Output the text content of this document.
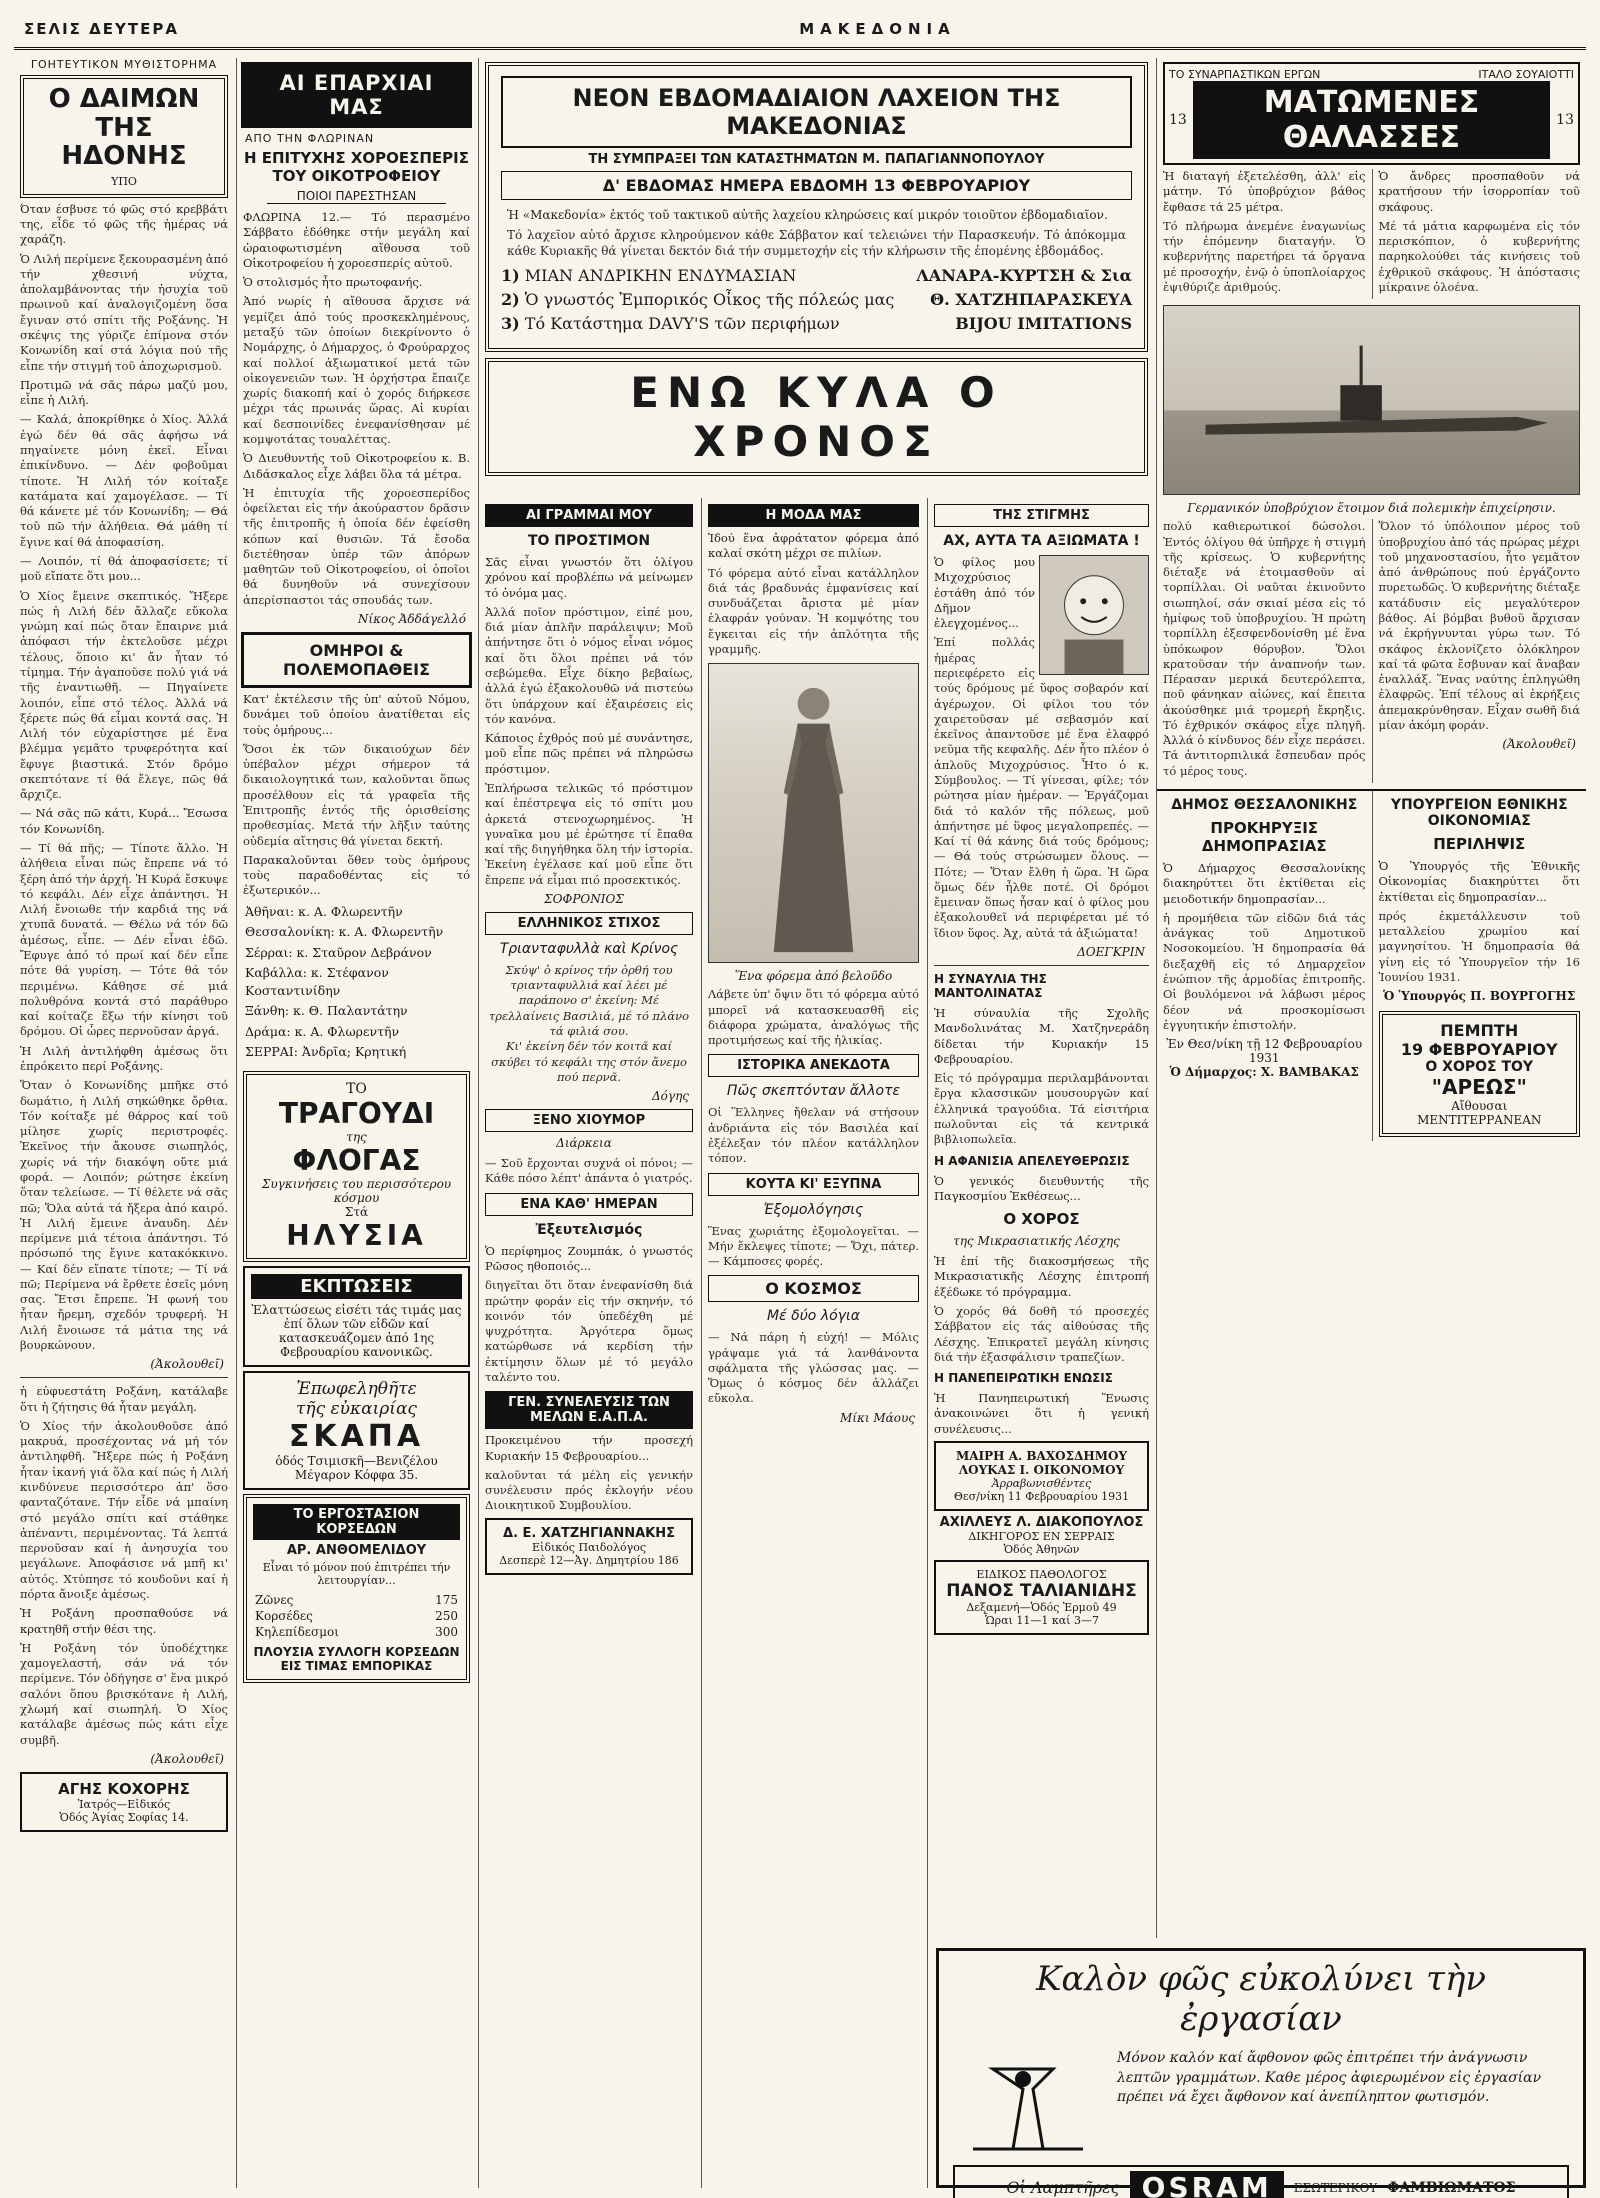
ΣΕΛΙΣ ΔΕΥΤΕΡΑ	ΜΑΚΕΔΟΝΙΑ
ΓΟΗΤΕΥΤΙΚΟΝ ΜΥΘΙΣΤΟΡΗΜΑ
Ο ΔΑΙΜΩΝ ΤΗΣ ΗΔΟΝΗΣ
ΥΠΟ

Όταν έσβυσε τό φῶς στό κρεββάτι της, εἶδε τό φῶς τῆς ἡμέρας νά χαράζη.

Ὁ Λιλή περίμενε ξεκουρασμένη ἀπό τήν χθεσινή νύχτα, ἀπολαμβάνοντας τήν ἡσυχία τοῦ πρωινοῦ καί ἀναλογιζομένη ὅσα ἔγιναν στό σπίτι τῆς Ροξάνης. Ἡ σκέψις της γύριζε ἐπίμονα στόν Κονωνίδη καί στά λόγια πού τῆς εἶπε τήν στιγμή τοῦ ἀποχωρισμοῦ.

Προτιμῶ νά σᾶς πάρω μαζύ μου, εἶπε ἡ Λιλή.

— Καλά, ἀποκρίθηκε ὁ Χίος. Ἀλλά ἐγώ δέν θά σᾶς ἀφήσω νά πηγαίνετε μόνη ἐκεῖ. Εἶναι ἐπικίνδυνο. — Δέν φοβοῦμαι τίποτε. Ἡ Λιλή τόν κοίταξε κατάματα καί χαμογέλασε. — Τί θά κάνετε μέ τόν Κονωνίδη; — Θά τοῦ πῶ τήν ἀλήθεια. Θά μάθη τί ἔγινε καί θά ἀποφασίση.

— Λοιπόν, τί θά ἀποφασίσετε; τί μοῦ εἴπατε ὅτι μου...

Ὁ Χίος ἔμεινε σκεπτικός. Ἤξερε πώς ἡ Λιλή δέν ἄλλαζε εὔκολα γνώμη καί πώς ὅταν ἔπαιρνε μιά ἀπόφασι τήν ἐκτελοῦσε μέχρι τέλους, ὅποιο κι' ἄν ἦταν τό τίμημα. Τήν ἀγαποῦσε πολύ γιά νά τῆς ἐναντιωθῆ. — Πηγαίνετε λοιπόν, εἶπε στό τέλος. Ἀλλά νά ξέρετε πώς θά εἶμαι κοντά σας. Ἡ Λιλή τόν εὐχαρίστησε μέ ἕνα βλέμμα γεμᾶτο τρυφερότητα καί ἔφυγε βιαστικά. Στόν δρόμο σκεπτότανε τί θά ἔλεγε, πῶς θά ἄρχιζε.

— Νά σᾶς πῶ κάτι, Κυρά... Ἔσωσα τόν Κονωνίδη.

— Τί θά πῆς; — Τίποτε ἄλλο. Ἡ ἀλήθεια εἶναι πώς ἔπρεπε νά τό ξέρη ἀπό τήν ἀρχή. Ἡ Κυρά ἔσκυψε τό κεφάλι. Δέν εἶχε ἀπάντησι. Ἡ Λιλή ἔνοιωθε τήν καρδιά της νά χτυπᾶ δυνατά. — Θέλω νά τόν δῶ ἀμέσως, εἶπε. — Δέν εἶναι ἐδῶ. Ἔφυγε ἀπό τό πρωί καί δέν εἶπε πότε θά γυρίση. — Τότε θά τόν περιμένω. Κάθησε σέ μιά πολυθρόνα κοντά στό παράθυρο καί κοίταζε ἔξω τήν κίνησι τοῦ δρόμου. Οἱ ὧρες περνοῦσαν ἀργά.

Ἡ Λιλή ἀντιλήφθη ἀμέσως ὅτι ἐπρόκειτο περί Ροξάνης.

Ὅταν ὁ Κονωνίδης μπῆκε στό δωμάτιο, ἡ Λιλή σηκώθηκε ὄρθια. Τόν κοίταξε μέ θάρρος καί τοῦ μίλησε χωρίς περιστροφές. Ἐκεῖνος τήν ἄκουσε σιωπηλός, χωρίς νά τήν διακόψη οὔτε μιά φορά. — Λοιπόν; ρώτησε ἐκείνη ὅταν τελείωσε. — Τί θέλετε νά σᾶς πῶ; Ὅλα αὐτά τά ἤξερα ἀπό καιρό. Ἡ Λιλή ἔμεινε ἀναυδη. Δέν περίμενε μιά τέτοια ἀπάντησι. Τό πρόσωπό της ἔγινε κατακόκκινο. — Καί δέν εἴπατε τίποτε; — Τί νά πῶ; Περίμενα νά ἔρθετε ἐσεῖς μόνη σας. Ἔτσι ἔπρεπε. Ἡ φωνή του ἦταν ἤρεμη, σχεδόν τρυφερή. Ἡ Λιλή ἔνοιωσε τά μάτια της νά βουρκώνουν.

(Ἀκολουθεῖ)

ἡ εὐφυεστάτη Ροξάνη, κατάλαβε ὅτι ἡ ζήτησις θά ἦταν μεγάλη.

Ὁ Χίος τήν ἀκολουθοῦσε ἀπό μακρυά, προσέχοντας νά μή τόν ἀντιληφθῆ. Ἤξερε πώς ἡ Ροξάνη ἦταν ἱκανή γιά ὅλα καί πώς ἡ Λιλή κινδύνευε περισσότερο ἀπ' ὅσο φανταζότανε. Τήν εἶδε νά μπαίνη στό μεγάλο σπίτι καί στάθηκε ἀπέναντι, περιμένοντας. Τά λεπτά περνοῦσαν καί ἡ ἀνησυχία του μεγάλωνε. Ἀποφάσισε νά μπῆ κι' αὐτός. Χτύπησε τό κουδοῦνι καί ἡ πόρτα ἄνοιξε ἀμέσως.

Ἡ Ροξάνη προσπαθούσε νά κρατηθῆ στήν θέσι της.

Ἡ Ροξάνη τόν ὑποδέχτηκε χαμογελαστή, σάν νά τόν περίμενε. Τόν ὁδήγησε σ' ἕνα μικρό σαλόνι ὅπου βρισκότανε ἡ Λιλή, χλωμή καί σιωπηλή. Ὁ Χίος κατάλαβε ἀμέσως πώς κάτι εἶχε συμβῆ.

(Ἀκολουθεῖ)
ΑΓΗΣ ΚΟΧΟΡΗΣ
Ἰατρός—Εἰδικός
Ὁδός Ἁγίας Σοφίας 14.
ΑΙ ΕΠΑΡΧΙΑΙ ΜΑΣ
ΑΠΟ ΤΗΝ ΦΛΩΡΙΝΑΝ
Η ΕΠΙΤΥΧΗΣ ΧΟΡΟΕΣΠΕΡΙΣ ΤΟΥ ΟΙΚΟΤΡΟΦΕΙΟΥ
ΠΟΙΟΙ ΠΑΡΕΣΤΗΣΑΝ

ΦΛΩΡΙΝΑ 12.— Τό περασμένο Σάββατο ἐδόθηκε στήν μεγάλη καί ὡραιοφωτισμένη αἴθουσα τοῦ Οἰκοτροφείου ἡ χοροεσπερίς αὐτοῦ.

Ὁ στολισμός ἦτο πρωτοφανής.

Ἀπό νωρίς ἡ αἴθουσα ἄρχισε νά γεμίζει ἀπό τούς προσκεκλημένους, μεταξύ τῶν ὁποίων διεκρίνοντο ὁ Νομάρχης, ὁ Δήμαρχος, ὁ Φρούραρχος καί πολλοί ἀξιωματικοί μετά τῶν οἰκογενειῶν των. Ἡ ὀρχήστρα ἔπαιζε χωρίς διακοπή καί ὁ χορός διήρκεσε μέχρι τάς πρωινάς ὥρας. Αἱ κυρίαι καί δεσποινίδες ἐνεφανίσθησαν μέ κομψοτάτας τουαλέττας.

Ὁ Διευθυντής τοῦ Οἰκοτροφείου κ. Β. Διδάσκαλος εἶχε λάβει ὅλα τά μέτρα.

Ἡ ἐπιτυχία τῆς χοροεσπερίδος ὀφείλεται εἰς τήν ἀκούραστον δρᾶσιν τῆς ἐπιτροπῆς ἡ ὁποία δέν ἐφείσθη κόπων καί θυσιῶν. Τά ἔσοδα διετέθησαν ὑπέρ τῶν ἀπόρων μαθητῶν τοῦ Οἰκοτροφείου, οἱ ὁποῖοι θά δυνηθοῦν νά συνεχίσουν ἀπερίσπαστοι τάς σπουδάς των.

Νίκος Ἀδδάγελλό
ΟΜΗΡΟΙ & ΠΟΛΕΜΟΠΑΘΕΙΣ

Κατ' ἐκτέλεσιν τῆς ὑπ' αὐτοῦ Νόμου, δυνάμει τοῦ ὁποίου ἀνατίθεται εἰς τοὺς ὁμήρους...

Ὅσοι ἐκ τῶν δικαιούχων δέν ὑπέβαλον μέχρι σήμερον τά δικαιολογητικά των, καλοῦνται ὅπως προσέλθουν εἰς τά γραφεῖα τῆς Ἐπιτροπῆς ἐντός τῆς ὁρισθείσης προθεσμίας. Μετά τήν λῆξιν ταύτης οὐδεμία αἴτησις θά γίνεται δεκτή.

Παρακαλοῦνται ὅθεν τοὺς ὁμήρους τοὺς παραδοθέντας εἰς τό ἐξωτερικόν...

Ἀθῆναι: κ. Α. Φλωρεντῆν
Θεσσαλονίκη: κ. Α. Φλωρεντῆν
Σέρραι: κ. Σταῦρον Δεβράνον
Καβάλλα: κ. Στέφανον Κοσταντινίδην
Ξάνθη: κ. Θ. Παλαντάτην
Δράμα: κ. Α. Φλωρεντῆν
ΣΕΡΡΑΙ: Ἀνδρῖα; Κρητική
ΤΟ
ΤΡΑΓΟΥΔΙ
της
ΦΛΟΓΑΣ
Συγκινήσεις του περισσότερου κόσμου
Στά
ΗΛΥΣΙΑ
ΕΚΠΤΩΣΕΙΣ
Ἐλαττώσεως εἰσέτι τάς τιμάς μας ἐπί ὅλων τῶν εἰδῶν καί κατασκευάζομεν ἀπό 1ης Φεβρουαρίου κανονικῶς.
Ἐπωφεληθῆτε
τῆς εὐκαιρίας
ΣΚΑΠΑ
ὁδός Τσιμισκῆ—Βενιζέλου
Μέγαρον Κόφφα 35.
ΤΟ ΕΡΓΟΣΤΑΣΙΟΝ ΚΟΡΣΕΔΩΝ
ΑΡ. ΑΝΘΟΜΕΛΙΔΟΥ
Εἶναι τό μόνον πού ἐπιτρέπει τήν λειτουργίαν...
Ζῶνες	175
Κορσέδες	250
Κηλεπίδεσμοι	300
ΠΛΟΥΣΙΑ ΣΥΛΛΟΓΗ ΚΟΡΣΕΔΩΝ ΕΙΣ ΤΙΜΑΣ ΕΜΠΟΡΙΚΑΣ
ΝΕΟΝ ΕΒΔΟΜΑΔΙΑΙΟΝ ΛΑΧΕΙΟΝ ΤΗΣ ΜΑΚΕΔΟΝΙΑΣ
ΤΗ ΣΥΜΠΡΑΞΕΙ ΤΩΝ ΚΑΤΑΣΤΗΜΑΤΩΝ Μ. ΠΑΠΑΓΙΑΝΝΟΠΟΥΛΟΥ
Δ' ΕΒΔΟΜΑΣ ΗΜΕΡΑ ΕΒΔΟΜΗ 13 ΦΕΒΡΟΥΑΡΙΟΥ

Ἡ «Μακεδονία» ἐκτός τοῦ τακτικοῦ αὐτῆς λαχείου κληρώσεις καί μικρόν τοιοῦτον ἑβδομαδιαῖον.

Τό λαχεῖον αὐτό ἄρχισε κληρούμενον κάθε Σάββατον καί τελειώνει τήν Παρασκευήν. Τό ἀπόκομμα κάθε Κυριακῆς θά γίνεται δεκτόν διά τήν συμμετοχήν εἰς τήν κλήρωσιν τῆς ἐπομένης ἑβδομάδος.

1) ΜΙΑΝ ΑΝΔΡΙΚΗΝ ΕΝΔΥΜΑΣΙΑΝ	ΛΑΝΑΡΑ-ΚΥΡΤΣΗ & Σια
2) Ὁ γνωστός Ἐμπορικός Οἶκος τῆς πόλεώς μας Θ. ΧΑΤΖΗΠΑΡΑΣΚΕΥΑ
3) Τό Κατάστημα DAVY'S τῶν περιφήμων	BIJOU IMITATIONS
ΕΝΩ ΚΥΛΑ Ο ΧΡΟΝΟΣ
ΑΙ ΓΡΑΜΜΑΙ ΜΟΥ
ΤΟ ΠΡΟΣΤΙΜΟΝ

Σᾶς εἶναι γνωστόν ὅτι ὀλίγου χρόνου καί προβλέπω νά μείνωμεν τό ὀνόμα μας.

Ἀλλά ποῖον πρόστιμον, εἰπέ μου, διά μίαν ἁπλῆν παράλειψιν; Μοῦ ἀπήντησε ὅτι ὁ νόμος εἶναι νόμος καί ὅτι ὅλοι πρέπει νά τόν σεβώμεθα. Εἶχε δίκηο βεβαίως, ἀλλά ἐγώ ἐξακολουθῶ νά πιστεύω ὅτι ὑπάρχουν καί ἐξαιρέσεις εἰς τόν κανόνα.

Κάποιος ἐχθρός πού μέ συνάντησε, μοῦ εἶπε πῶς πρέπει νά πληρώσω πρόστιμον.

Ἐπλήρωσα τελικῶς τό πρόστιμον καί ἐπέστρεψα εἰς τό σπίτι μου ἀρκετά στενοχωρημένος. Ἡ γυναῖκα μου μέ ἐρώτησε τί ἔπαθα καί τῆς διηγήθηκα ὅλη τήν ἱστορία. Ἐκείνη ἐγέλασε καί μοῦ εἶπε ὅτι ἔπρεπε νά εἶμαι πιό προσεκτικός.

ΣΟΦΡΟΝΙΟΣ
ΕΛΛΗΝΙΚΟΣ ΣΤΙΧΟΣ
Τριανταφυλλὰ καὶ Κρίνος

Σκύψ' ὁ κρίνος τήν ὀρθή του τριανταφυλλιά καί λέει μέ παράπονο σ' ἐκείνη: Μέ τρελλαίνεις Βασιλιά, μέ τό πλάνο τά φιλιά σου.
Κι' ἐκείνη δέν τόν κοιτᾶ καί σκύβει τό κεφάλι της στόν ἄνεμο πού περνᾶ.

Δόγης
ΞΕΝΟ ΧΙΟΥΜΟΡ
Διάρκεια

— Σοῦ ἔρχονται συχνά οἱ πόνοι; — Κάθε πόσο λέπτ' ἀπάντα ὁ γιατρός.

ΕΝΑ ΚΑΘ' ΗΜΕΡΑΝ
Ἐξευτελισμός

Ὁ περίφημος Ζουμπάκ, ὁ γνωστός Ρῶσος ηθοποιός...

διηγεῖται ὅτι ὅταν ἐνεφανίσθη διά πρώτην φοράν εἰς τήν σκηνήν, τό κοινόν τόν ὑπεδέχθη μέ ψυχρότητα. Ἀργότερα ὅμως κατώρθωσε νά κερδίση τήν ἐκτίμησιν ὅλων μέ τό μεγάλο ταλέντο του.

ΓΕΝ. ΣΥΝΕΛΕΥΣΙΣ ΤΩΝ ΜΕΛΩΝ Ε.Α.Π.Α.

Προκειμένου τήν προσεχή Κυριακήν 15 Φεβρουαρίου...

καλοῦνται τά μέλη εἰς γενικήν συνέλευσιν πρός ἐκλογήν νέου Διοικητικοῦ Συμβουλίου.

Δ. Ε. ΧΑΤΖΗΓΙΑΝΝΑΚΗΣ
Εἰδικός Παιδολόγος
Δεσπερὲ 12—Ἀγ. Δημητρίου 186
Η ΜΟΔΑ ΜΑΣ

Ἰδού ἕνα ἀφράτατον φόρεμα ἀπό καλαί σκότη μέχρι σε πιλίων.

Τό φόρεμα αὐτό εἶναι κατάλληλον διά τάς βραδυνάς ἐμφανίσεις καί συνδυάζεται ἄριστα μέ μίαν ἐλαφράν γούναν. Ἡ κομψότης του ἔγκειται εἰς τήν ἁπλότητα τῆς γραμμῆς.

Ἕνα φόρεμα ἀπό βελοῦδο

Λάβετε ὑπ' ὄψιν ὅτι τό φόρεμα αὐτό μπορεῖ νά κατασκευασθῆ εἰς διάφορα χρώματα, ἀναλόγως τῆς προτιμήσεως καί τῆς ἡλικίας.

ΙΣΤΟΡΙΚΑ ΑΝΕΚΔΟΤΑ
Πῶς σκεπτόνταν ἄλλοτε

Οἱ Ἕλληνες ἤθελαν νά στήσουν ἀνδριάντα εἰς τόν Βασιλέα καί ἐξέλεξαν τόν πλέον κατάλληλον τόπον.

ΚΟΥΤΑ ΚΙ' ΕΞΥΠΝΑ
Ἐξομολόγησις

Ἕνας χωριάτης ἐξομολογεῖται. — Μήν ἔκλεψες τίποτε; — Ὄχι, πάτερ. — Κάμποσες φορές.

Ο ΚΟΣΜΟΣ
Μέ δύο λόγια

— Νά πάρη ἡ εὐχή! — Μόλις γράψαμε γιά τά λανθάνοντα σφάλματα τῆς γλώσσας μας. — Ὅμως ὁ κόσμος δέν ἀλλάζει εὔκολα.

Μίκι Μάους
ΤΗΣ ΣΤΙΓΜΗΣ
ΑΧ, ΑΥΤΑ ΤΑ ΑΞΙΩΜΑΤΑ !

Ὁ φίλος μου Μιχοχρύσιος ἐστάθη ἀπό τόν Δῆμον ἐλεγχομένος...

Ἐπί πολλάς ἡμέρας περιεφέρετο εἰς τούς δρόμους μέ ὕφος σοβαρόν καί ἀγέρωχον. Οἱ φίλοι του τόν χαιρετοῦσαν μέ σεβασμόν καί ἐκεῖνος ἀπαντοῦσε μέ ἕνα ἐλαφρό νεῦμα τῆς κεφαλῆς. Δέν ἦτο πλέον ὁ ἁπλοῦς Μιχοχρύσιος. Ἦτο ὁ κ. Σύμβουλος. — Τί γίνεσαι, φίλε; τόν ρώτησα μίαν ἡμέραν. — Ἐργάζομαι διά τό καλόν τῆς πόλεως, μοῦ ἀπήντησε μέ ὕφος μεγαλοπρεπές. — Καί τί θά κάνης διά τούς δρόμους; — Θά τούς στρώσωμεν ὅλους. — Πότε; — Ὅταν ἔλθη ἡ ὥρα. Ἡ ὥρα ὅμως δέν ἦλθε ποτέ. Οἱ δρόμοι ἔμειναν ὅπως ἦσαν καί ὁ φίλος μου ἐξακολουθεῖ νά περιφέρεται μέ τό ἴδιον ὕφος. Ἀχ, αὐτά τά ἀξιώματα!

ΔΟΕΓΚΡΙΝ
Η ΣΥΝΑΥΛΙΑ ΤΗΣ ΜΑΝΤΟΛΙΝΑΤΑΣ

Ἡ σύναυλία τῆς Σχολῆς Μανδολινάτας Μ. Χατζηνεράδη δίδεται τήν Κυριακήν 15 Φεβρουαρίου.

Εἰς τό πρόγραμμα περιλαμβάνονται ἔργα κλασσικῶν μουσουργῶν καί ἑλληνικά τραγούδια. Τά εἰσιτήρια πωλοῦνται εἰς τά κεντρικά βιβλιοπωλεῖα.

Η ΑΦΑΝΙΣΙΑ ΑΠΕΛΕΥΘΕΡΩΣΙΣ

Ὁ γενικός διευθυντής τῆς Παγκοσμίου Ἐκθέσεως...

Ο ΧΟΡΟΣ
της Μικρασιατικής Λέσχης

Ἡ ἐπί τῆς διακοσμήσεως τῆς Μικρασιατικῆς Λέσχης ἐπιτροπή ἐξέδωκε τό πρόγραμμα.

Ὁ χορός θά δοθῆ τό προσεχές Σάββατον εἰς τάς αἰθούσας τῆς Λέσχης. Ἐπικρατεῖ μεγάλη κίνησις διά τήν ἐξασφάλισιν τραπεζίων.

Η ΠΑΝΕΠΕΙΡΩΤΙΚΗ ΕΝΩΣΙΣ

Ἡ Πανηπειρωτική Ἕνωσις ἀνακοινώνει ὅτι ἡ γενική συνέλευσις...

ΜΑΙΡΗ Α. ΒΑΧΟΣΔΗΜΟΥ
ΛΟΥΚΑΣ Ι. ΟΙΚΟΝΟΜΟΥ
Ἀρραβωνισθέντες
Θεσ/νίκη 11 Φεβρουαρίου 1931
ΑΧΙΛΛΕΥΣ Λ. ΔΙΑΚΟΠΟΥΛΟΣ
ΔΙΚΗΓΟΡΟΣ ΕΝ ΣΕΡΡΑΙΣ
Ὁδός Ἀθηνῶν
ΕΙΔΙΚΟΣ ΠΑΘΟΛΟΓΟΣ
ΠΑΝΟΣ ΤΑΛΙΑΝΙΔΗΣ
Δεξαμενή—Ὁδός Ἑρμοῦ 49
Ὧραι 11—1 καί 3—7
ΤΟ ΣΥΝΑΡΠΑΣΤΙΚΩΝ ΕΡΓΩΝ	ΙΤΑΛΟ ΣΟΥΑΙΟΤΤΙ
13	ΜΑΤΩΜΕΝΕΣ ΘΑΛΑΣΣΕΣ	13

Ἡ διαταγή ἐξετελέσθη, ἀλλ' εἰς μάτην. Τό ὑποβρύχιον βάθος ἔφθασε τά 25 μέτρα.

Τό πλήρωμα ἀνεμένε ἐναγωνίως τήν ἐπόμενην διαταγήν. Ὁ κυβερνήτης παρετήρει τά ὄργανα μέ προσοχήν, ἐνῷ ὁ ὑποπλοίαρχος ἐψιθύριζε ἀριθμούς.

Ὁ ἄνδρες προσπαθοῦν νά κρατήσουν τήν ἰσορροπίαν τοῦ σκάφους.

Μέ τά μάτια καρφωμένα εἰς τόν περισκόπιον, ὁ κυβερνήτης παρηκολούθει τάς κινήσεις τοῦ ἐχθρικοῦ σκάφους. Ἡ ἀπόστασις μίκραινε ὁλοένα.

Γερμανικόν ὑποβρύχιον ἕτοιμον διά πολεμικὴν ἐπιχείρησιν.

πολύ καθιερωτικοί δώσολοι. Ἐντός ὀλίγου θά ὑπῆρχε ἡ στιγμή τῆς κρίσεως. Ὁ κυβερνήτης διέταξε νά ἑτοιμασθοῦν αἱ τορπίλλαι. Οἱ ναῦται ἐκινοῦντο σιωπηλοί, σάν σκιαί μέσα εἰς τό ἡμίφως τοῦ ὑποβρυχίου. Ἡ πρώτη τορπίλλη ἐξεσφενδονίσθη μέ ἕνα ὑπόκωφον θόρυβον. Ὅλοι κρατοῦσαν τήν ἀναπνοήν των. Πέρασαν μερικά δευτερόλεπτα, ποῦ φάνηκαν αἰώνες, καί ἔπειτα ἀκούσθηκε μιά τρομερή ἔκρηξις. Τό ἐχθρικόν σκάφος εἶχε πληγῆ. Ἀλλά ὁ κίνδυνος δέν εἶχε περάσει. Τά ἀντιτορπιλικά ἔσπευδαν πρός τό μέρος τους.

Ὅλον τό ὑπόλοιπον μέρος τοῦ ὑποβρυχίου ἀπό τάς πρώρας μέχρι τοῦ μηχανοστασίου, ἦτο γεμᾶτον ἀπό ἀνθρώπους πού ἐργάζοντο πυρετωδῶς. Ὁ κυβερνήτης διέταξε κατάδυσιν εἰς μεγαλύτερον βάθος. Αἱ βόμβαι βυθοῦ ἄρχισαν νά ἐκρήγνυνται γύρω των. Τό σκάφος ἐκλονίζετο ὁλόκληρον καί τά φῶτα ἔσβυναν καί ἄναβαν ἐναλλάξ. Ἕνας ναύτης ἐπληγώθη ἐλαφρῶς. Ἐπί τέλους αἱ ἐκρήξεις ἀπεμακρύνθησαν. Εἶχαν σωθῆ διά μίαν ἀκόμη φοράν.

(Ἀκολουθεῖ)
ΔΗΜΟΣ ΘΕΣΣΑΛΟΝΙΚΗΣ
ΠΡΟΚΗΡΥΞΙΣ ΔΗΜΟΠΡΑΣΙΑΣ

Ὁ Δήμαρχος Θεσσαλονίκης διακηρύττει ὅτι ἐκτίθεται εἰς μειοδοτικήν δημοπρασίαν...

ἡ προμήθεια τῶν εἰδῶν διά τάς ἀνάγκας τοῦ Δημοτικοῦ Νοσοκομείου. Ἡ δημοπρασία θά διεξαχθῆ εἰς τό Δημαρχεῖον ἐνώπιον τῆς ἁρμοδίας ἐπιτροπῆς. Οἱ βουλόμενοι νά λάβωσι μέρος δέον νά προσκομίσωσι ἐγγυητικήν ἐπιστολήν.

Ἐν Θεσ/νίκη τῇ 12 Φεβρουαρίου 1931
Ὁ Δήμαρχος: Χ. ΒΑΜΒΑΚΑΣ
ΥΠΟΥΡΓΕΙΟΝ ΕΘΝΙΚΗΣ ΟΙΚΟΝΟΜΙΑΣ
ΠΕΡΙΛΗΨΙΣ

Ὁ Ὑπουργός τῆς Ἐθνικῆς Οἰκονομίας διακηρύττει ὅτι ἐκτίθεται εἰς δημοπρασίαν...

πρός ἐκμετάλλευσιν τοῦ μεταλλείου χρωμίου καί μαγνησίτου. Ἡ δημοπρασία θά γίνη εἰς τό Ὑπουργεῖον τήν 16 Ἰουνίου 1931.

Ὁ Ὑπουργός Π. ΒΟΥΡΓΟΓΗΣ
ΠΕΜΠΤΗ
19 ΦΕΒΡΟΥΑΡΙΟΥ
Ο ΧΟΡΟΣ ΤΟΥ
"ΑΡΕΩΣ"
Αἴθουσαι ΜΕΝΤΙΤΕΡΡΑΝΕΑΝ
Καλὸν φῶς εὐκολύνει τὴν ἐργασίαν
Μόνον καλόν καί ἄφθονον φῶς ἐπιτρέπει τήν ἀνάγνωσιν λεπτῶν γραμμάτων. Καθε μέρος ἀφιερωμένον εἰς ἐργασίαν πρέπει νά ἔχει ἄφθονον καί ἀνεπίληπτον φωτισμόν.
Οἱ Λαμπτῆρες OSRAM	ΕΣΩΤΕΡΙΚΟΥ ΦΑΜΒΙΩΜΑΤΟΣ
